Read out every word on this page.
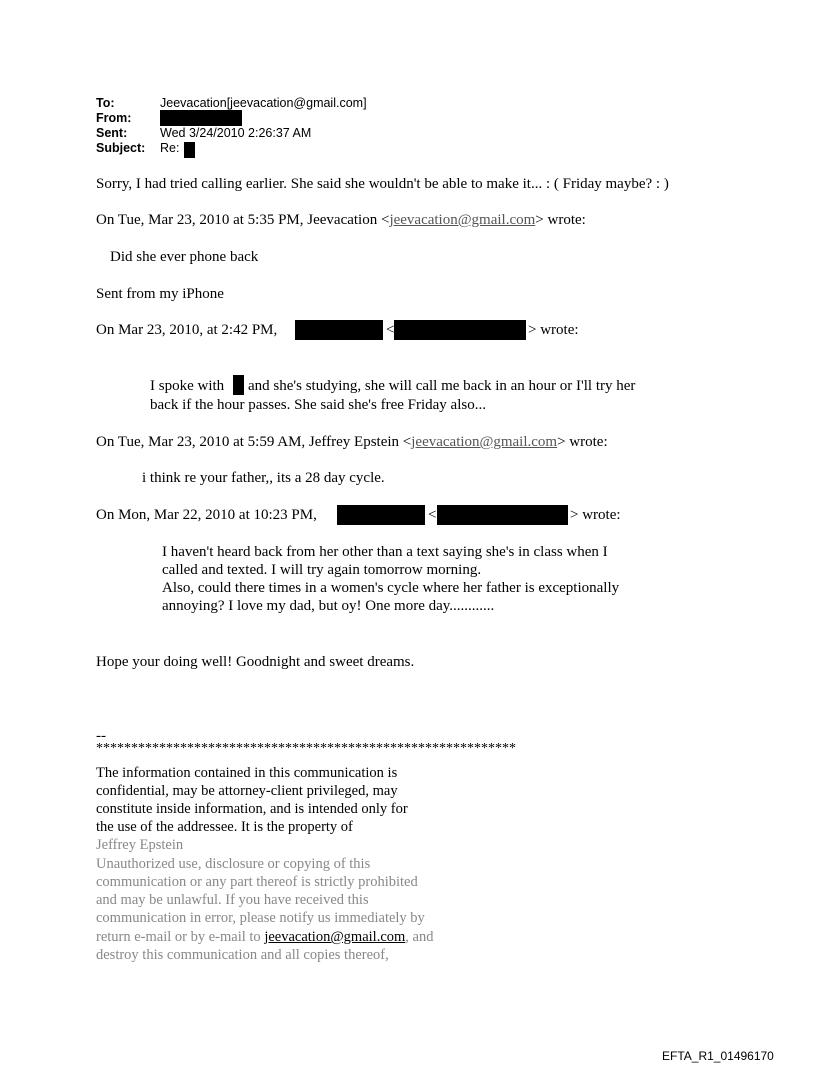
To:	Jeevacation[jeevacation@gmail.com]
From:
Sent:	Wed 3/24/2010 2:26:37 AM
Subject: Re:
Sorry, I had tried calling earlier. She said she wouldn't be able to make it... : ( Friday maybe? : )
On Tue, Mar 23, 2010 at 5:35 PM, Jeevacation <jeevacation@gmail.com> wrote:
Did she ever phone back
Sent from my iPhone
On Mar 23, 2010, at 2:42 PM,	<	> wrote:
I spoke with and she's studying, she will call me back in an hour or I'll try her
back if the hour passes. She said she's free Friday also...
On Tue, Mar 23, 2010 at 5:59 AM, Jeffrey Epstein <jeevacation@gmail.com> wrote:
i think re your father,, its a 28 day cycle.
On Mon, Mar 22, 2010 at 10:23 PM,	<	> wrote:
I haven't heard back from her other than a text saying she's in class when I
called and texted. I will try again tomorrow morning.
Also, could there times in a women's cycle where her father is exceptionally
annoying? I love my dad, but oy! One more day............
Hope your doing well! Goodnight and sweet dreams.
--
************************************************************
The information contained in this communication is
confidential, may be attorney-client privileged, may
constitute inside information, and is intended only for
the use of the addressee. It is the property of
Jeffrey Epstein
Unauthorized use, disclosure or copying of this
communication or any part thereof is strictly prohibited
and may be unlawful. If you have received this
communication in error, please notify us immediately by
return e-mail or by e-mail to jeevacation@gmail.com, and
destroy this communication and all copies thereof,
EFTA_R1_01496170
